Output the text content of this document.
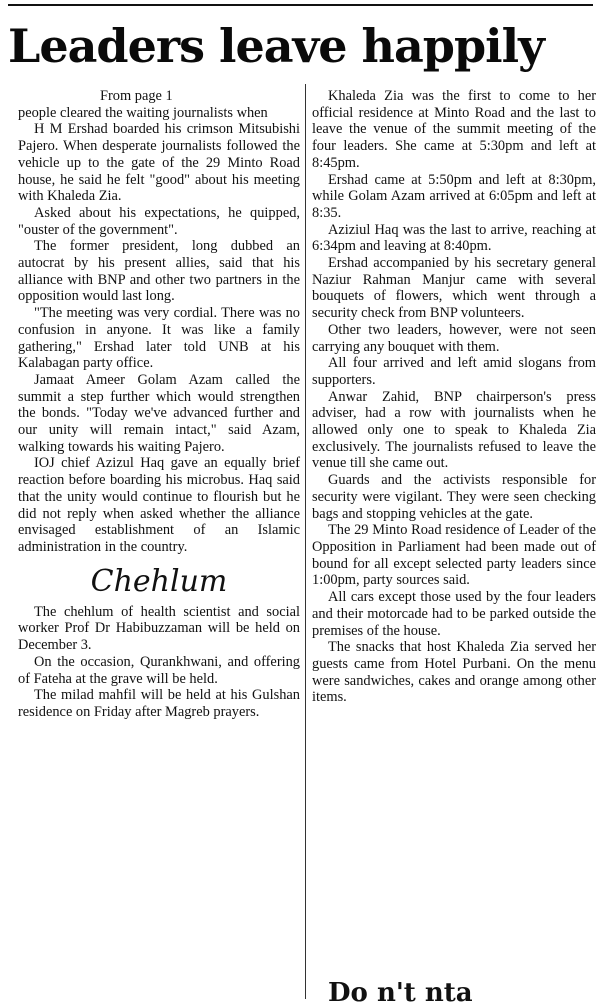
Leaders leave happily
From page 1

people cleared the waiting journalists when

H M Ershad boarded his crimson Mitsubishi Pajero. When desperate journalists followed the vehicle up to the gate of the 29 Minto Road house, he said he felt "good" about his meeting with Khaleda Zia.

Asked about his expectations, he quipped, "ouster of the government".

The former president, long dubbed an autocrat by his present allies, said that his alliance with BNP and other two partners in the opposition would last long.

"The meeting was very cordial. There was no confusion in anyone. It was like a family gathering," Ershad later told UNB at his Kalabagan party office.

Jamaat Ameer Golam Azam called the summit a step further which would strengthen the bonds. "Today we've advanced further and our unity will remain intact," said Azam, walking towards his waiting Pajero.

IOJ chief Azizul Haq gave an equally brief reaction before boarding his microbus. Haq said that the unity would continue to flourish but he did not reply when asked whether the alliance envisaged establishment of an Islamic administration in the country.

Chehlum

The chehlum of health scientist and social worker Prof Dr Habibuzzaman will be held on December 3.

On the occasion, Qurankhwani, and offering of Fateha at the grave will be held.

The milad mahfil will be held at his Gulshan residence on Friday after Magreb prayers.

Khaleda Zia was the first to come to her official residence at Minto Road and the last to leave the venue of the summit meeting of the four leaders. She came at 5:30pm and left at 8:45pm.

Ershad came at 5:50pm and left at 8:30pm, while Golam Azam arrived at 6:05pm and left at 8:35.

Aziziul Haq was the last to arrive, reaching at 6:34pm and leaving at 8:40pm.

Ershad accompanied by his secretary general Naziur Rahman Manjur came with several bouquets of flowers, which went through a security check from BNP volunteers.

Other two leaders, however, were not seen carrying any bouquet with them.

All four arrived and left amid slogans from supporters.

Anwar Zahid, BNP chairperson's press adviser, had a row with journalists when he allowed only one to speak to Khaleda Zia exclusively. The journalists refused to leave the venue till she came out.

Guards and the activists responsible for security were vigilant. They were seen checking bags and stopping vehicles at the gate.

The 29 Minto Road residence of Leader of the Opposition in Parliament had been made out of bound for all except selected party leaders since 1:00pm, party sources said.

All cars except those used by the four leaders and their motorcade had to be parked outside the premises of the house.

The snacks that host Khaleda Zia served her guests came from Hotel Purbani. On the menu were sandwiches, cakes and orange among other items.

Do n't nta
